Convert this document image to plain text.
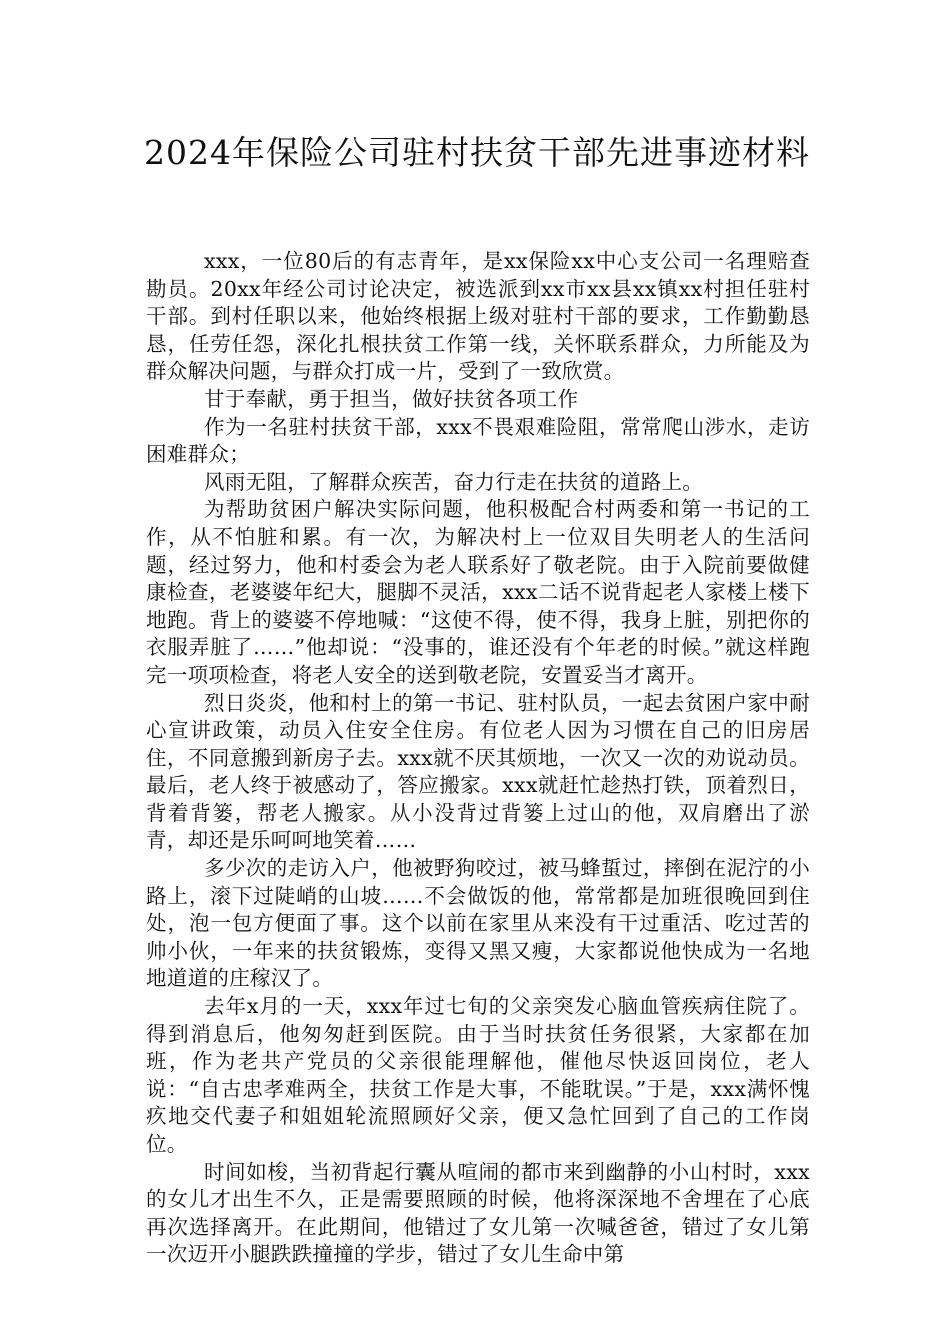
2024年保险公司驻村扶贫干部先进事迹材料

xxx，一位80后的有志青年，是xx保险xx中心支公司一名理赔查勘员。20xx年经公司讨论决定，被选派到xx市xx县xx镇xx村担任驻村干部。到村任职以来，他始终根据上级对驻村干部的要求，工作勤勤恳恳，任劳任怨，深化扎根扶贫工作第一线，关怀联系群众，力所能及为群众解决问题，与群众打成一片，受到了一致欣赏。

甘于奉献，勇于担当，做好扶贫各项工作

作为一名驻村扶贫干部，xxx不畏艰难险阻，常常爬山涉水，走访困难群众；

风雨无阻，了解群众疾苦，奋力行走在扶贫的道路上。

为帮助贫困户解决实际问题，他积极配合村两委和第一书记的工作，从不怕脏和累。有一次，为解决村上一位双目失明老人的生活问题，经过努力，他和村委会为老人联系好了敬老院。由于入院前要做健康检查，老婆婆年纪大，腿脚不灵活，xxx二话不说背起老人家楼上楼下地跑。背上的婆婆不停地喊：“这使不得，使不得，我身上脏，别把你的衣服弄脏了……”他却说：“没事的，谁还没有个年老的时候。”就这样跑完一项项检查，将老人安全的送到敬老院，安置妥当才离开。

烈日炎炎，他和村上的第一书记、驻村队员，一起去贫困户家中耐心宣讲政策，动员入住安全住房。有位老人因为习惯在自己的旧房居住，不同意搬到新房子去。xxx就不厌其烦地，一次又一次的劝说动员。最后，老人终于被感动了，答应搬家。xxx就赶忙趁热打铁，顶着烈日，背着背篓，帮老人搬家。从小没背过背篓上过山的他，双肩磨出了淤青，却还是乐呵呵地笑着……

多少次的走访入户，他被野狗咬过，被马蜂蜇过，摔倒在泥泞的小路上，滚下过陡峭的山坡……不会做饭的他，常常都是加班很晚回到住处，泡一包方便面了事。这个以前在家里从来没有干过重活、吃过苦的帅小伙，一年来的扶贫锻炼，变得又黑又瘦，大家都说他快成为一名地地道道的庄稼汉了。

去年x月的一天，xxx年过七旬的父亲突发心脑血管疾病住院了。得到消息后，他匆匆赶到医院。由于当时扶贫任务很紧，大家都在加班，作为老共产党员的父亲很能理解他，催他尽快返回岗位，老人说：“自古忠孝难两全，扶贫工作是大事，不能耽误。”于是，xxx满怀愧疚地交代妻子和姐姐轮流照顾好父亲，便又急忙回到了自己的工作岗位。

时间如梭，当初背起行囊从喧闹的都市来到幽静的小山村时，xxx的女儿才出生不久，正是需要照顾的时候，他将深深地不舍埋在了心底再次选择离开。在此期间，他错过了女儿第一次喊爸爸，错过了女儿第一次迈开小腿跌跌撞撞的学步，错过了女儿生命中第
